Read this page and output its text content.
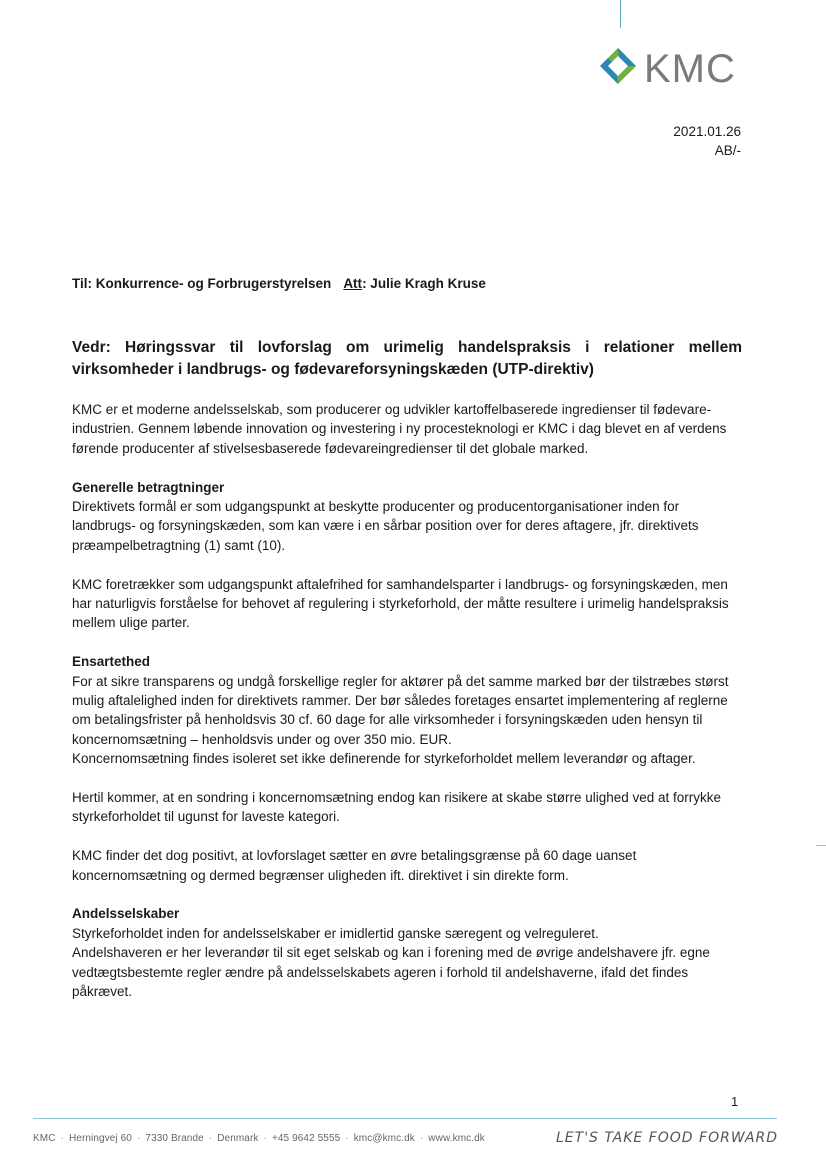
KMC
2021.01.26
AB/-
Til: Konkurrence- og Forbrugerstyrelsen Att: Julie Kragh Kruse
Vedr: Høringssvar til lovforslag om urimelig handelspraksis i relationer mellem virksomheder i landbrugs- og fødevareforsyningskæden (UTP-direktiv)

KMC er et moderne andelsselskab, som producerer og udvikler kartoffelbaserede ingredienser til fødevare-industrien. Gennem løbende innovation og investering i ny procesteknologi er KMC i dag blevet en af verdens førende producenter af stivelsesbaserede fødevareingredienser til det globale marked.

Generelle betragtninger

Direktivets formål er som udgangspunkt at beskytte producenter og producentorganisationer inden for landbrugs- og forsyningskæden, som kan være i en sårbar position over for deres aftagere, jfr. direktivets præampelbetragtning (1) samt (10).

KMC foretrækker som udgangspunkt aftalefrihed for samhandelsparter i landbrugs- og forsyningskæden, men har naturligvis forståelse for behovet af regulering i styrkeforhold, der måtte resultere i urimelig handelspraksis mellem ulige parter.

Ensartethed

For at sikre transparens og undgå forskellige regler for aktører på det samme marked bør der tilstræbes størst mulig aftalelighed inden for direktivets rammer. Der bør således foretages ensartet implementering af reglerne om betalingsfrister på henholdsvis 30 cf. 60 dage for alle virksomheder i forsyningskæden uden hensyn til koncernomsætning – henholdsvis under og over 350 mio. EUR.

Koncernomsætning findes isoleret set ikke definerende for styrkeforholdet mellem leverandør og aftager.

Hertil kommer, at en sondring i koncernomsætning endog kan risikere at skabe større ulighed ved at forrykke styrkeforholdet til ugunst for laveste kategori.

KMC finder det dog positivt, at lovforslaget sætter en øvre betalingsgrænse på 60 dage uanset koncernomsætning og dermed begrænser uligheden ift. direktivet i sin direkte form.

Andelsselskaber

Styrkeforholdet inden for andelsselskaber er imidlertid ganske særegent og velreguleret.

Andelshaveren er her leverandør til sit eget selskab og kan i forening med de øvrige andelshavere jfr. egne vedtægtsbestemte regler ændre på andelsselskabets ageren i forhold til andelshaverne, ifald det findes påkrævet.

1
KMC · Herningvej 60 · 7330 Brande · Denmark · +45 9642 5555 · kmc@kmc.dk · www.kmc.dk	LET'S TAKE FOOD FORWARD
